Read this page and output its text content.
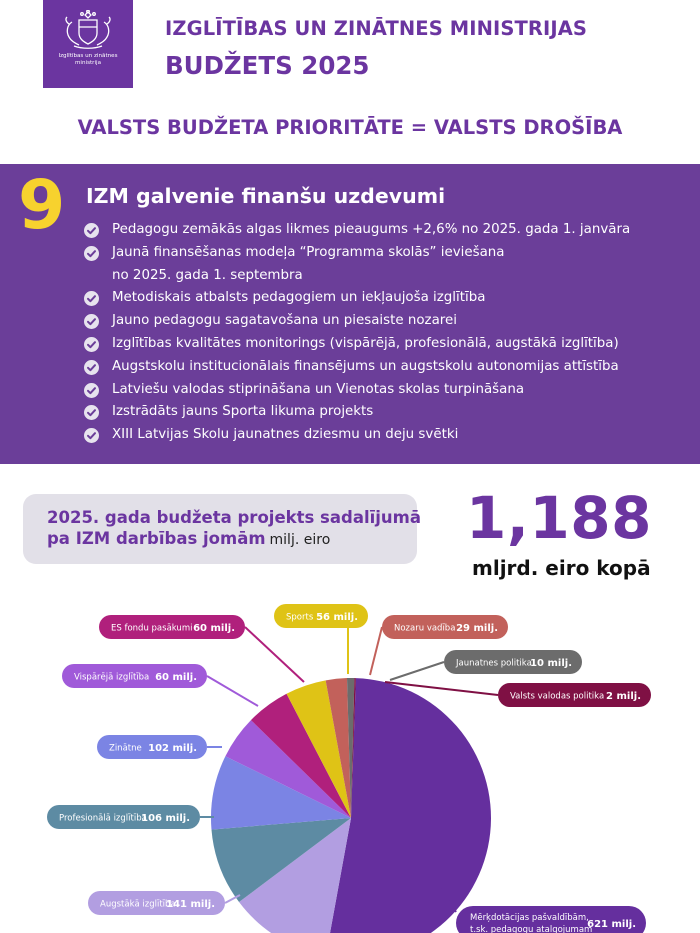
Izglītības un zinātnes
ministrija
IZGLĪTĪBAS UN ZINĀTNES MINISTRIJAS
BUDŽETS 2025
VALSTS BUDŽETA PRIORITĀTE = VALSTS DROŠĪBA
9 IZM galvenie finanšu uzdevumi
Pedagogu zemākās algas likmes pieaugums +2,6% no 2025. gada 1. janvāra
Jaunā finansēšanas modeļa “Programma skolās” ieviešana
no 2025. gada 1. septembra
Metodiskais atbalsts pedagogiem un iekļaujoša izglītība
Jauno pedagogu sagatavošana un piesaiste nozarei
Izglītības kvalitātes monitorings (vispārējā, profesionālā, augstākā izglītība)
Augstskolu institucionālais finansējums un augstskolu autonomijas attīstība
Latviešu valodas stiprināšana un Vienotas skolas turpināšana
Izstrādāts jauns Sporta likuma projekts
XIII Latvijas Skolu jaunatnes dziesmu un deju svētki
2025. gada budžeta projekts sadalījumā
pa IZM darbības jomām milj. eiro	1,188
mljrd. eiro kopā
Mērķdotācijas pašvaldībām,
t.sk. pedagogu atalgojumam
621 milj.
Augstākā izglītība
141 milj.
Profesionālā izglītība
106 milj.
Zinātne 102 milj.
Vispārējā izglītība 60 milj.
ES fondu pasākumi 60 milj.
Sports 56 milj.
Nozaru vadība 29 milj.
Jaunatnes politika
10 milj.
Valsts valodas politika 2 milj.
